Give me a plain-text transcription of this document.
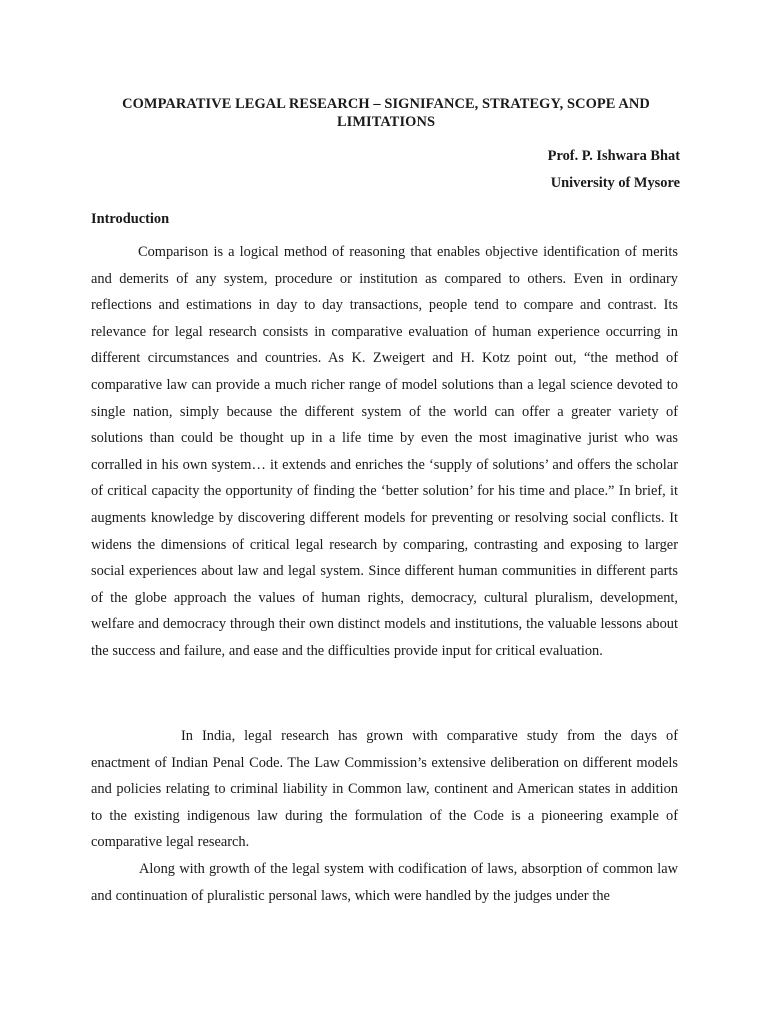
COMPARATIVE LEGAL RESEARCH – SIGNIFANCE, STRATEGY, SCOPE AND LIMITATIONS
Prof. P. Ishwara Bhat
University of Mysore
Introduction

Comparison is a logical method of reasoning that enables objective identification of merits and demerits of any system, procedure or institution as compared to others. Even in ordinary reflections and estimations in day to day transactions, people tend to compare and contrast. Its relevance for legal research consists in comparative evaluation of human experience occurring in different circumstances and countries. As K. Zweigert and H. Kotz point out, “the method of comparative law can provide a much richer range of model solutions than a legal science devoted to single nation, simply because the different system of the world can offer a greater variety of solutions than could be thought up in a life time by even the most imaginative jurist who was corralled in his own system… it extends and enriches the ‘supply of solutions’ and offers the scholar of critical capacity the opportunity of finding the ‘better solution’ for his time and place.” In brief, it augments knowledge by discovering different models for preventing or resolving social conflicts. It widens the dimensions of critical legal research by comparing, contrasting and exposing to larger social experiences about law and legal system. Since different human communities in different parts of the globe approach the values of human rights, democracy, cultural pluralism, development, welfare and democracy through their own distinct models and institutions, the valuable lessons about the success and failure, and ease and the difficulties provide input for critical evaluation.

In India, legal research has grown with comparative study from the days of enactment of Indian Penal Code. The Law Commission’s extensive deliberation on different models and policies relating to criminal liability in Common law, continent and American states in addition to the existing indigenous law during the formulation of the Code is a pioneering example of comparative legal research.

Along with growth of the legal system with codification of laws, absorption of common law and continuation of pluralistic personal laws, which were handled by the judges under the
